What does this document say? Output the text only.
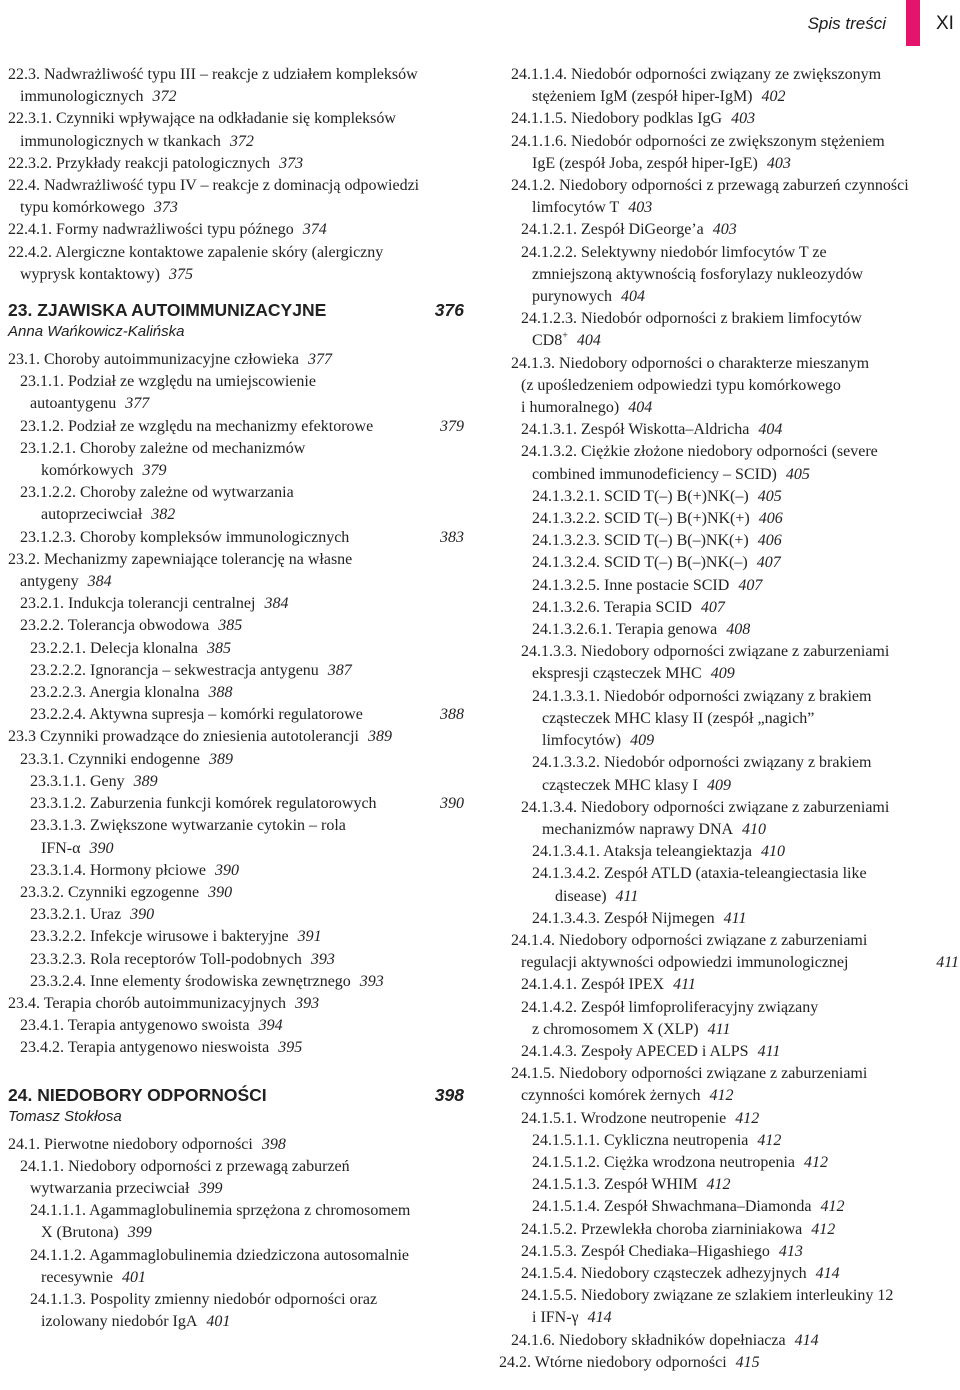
Spis treści	XI
22.3. Nadwrażliwość typu III – reakcje z udziałem kompleksów
immunologicznych 372
22.3.1. Czynniki wpływające na odkładanie się kompleksów
immunologicznych w tkankach 372
22.3.2. Przykłady reakcji patologicznych 373
22.4. Nadwrażliwość typu IV – reakcje z dominacją odpowiedzi
typu komórkowego 373
22.4.1. Formy nadwrażliwości typu późnego 374
22.4.2. Alergiczne kontaktowe zapalenie skóry (alergiczny
wyprysk kontaktowy) 375
23. ZJAWISKA AUTOIMMUNIZACYJNE	376
Anna Wańkowicz-Kalińska
23.1. Choroby autoimmunizacyjne człowieka 377
23.1.1. Podział ze względu na umiejscowienie
autoantygenu 377
23.1.2. Podział ze względu na mechanizmy efektorowe	379
23.1.2.1. Choroby zależne od mechanizmów
komórkowych 379
23.1.2.2. Choroby zależne od wytwarzania
autoprzeciwciał 382
23.1.2.3. Choroby kompleksów immunologicznych	383
23.2. Mechanizmy zapewniające tolerancję na własne
antygeny 384
23.2.1. Indukcja tolerancji centralnej 384
23.2.2. Tolerancja obwodowa 385
23.2.2.1. Delecja klonalna 385
23.2.2.2. Ignorancja – sekwestracja antygenu 387
23.2.2.3. Anergia klonalna 388
23.2.2.4. Aktywna supresja – komórki regulatorowe	388
23.3 Czynniki prowadzące do zniesienia autotolerancji 389
23.3.1. Czynniki endogenne 389
23.3.1.1. Geny 389
23.3.1.2. Zaburzenia funkcji komórek regulatorowych	390
23.3.1.3. Zwiększone wytwarzanie cytokin – rola
IFN-α 390
23.3.1.4. Hormony płciowe 390
23.3.2. Czynniki egzogenne 390
23.3.2.1. Uraz 390
23.3.2.2. Infekcje wirusowe i bakteryjne 391
23.3.2.3. Rola receptorów Toll-podobnych 393
23.3.2.4. Inne elementy środowiska zewnętrznego 393
23.4. Terapia chorób autoimmunizacyjnych 393
23.4.1. Terapia antygenowo swoista 394
23.4.2. Terapia antygenowo nieswoista 395
24. NIEDOBORY ODPORNOŚCI	398
Tomasz Stokłosa
24.1. Pierwotne niedobory odporności 398
24.1.1. Niedobory odporności z przewagą zaburzeń
wytwarzania przeciwciał 399
24.1.1.1. Agammaglobulinemia sprzężona z chromosomem
X (Brutona) 399
24.1.1.2. Agammaglobulinemia dziedziczona autosomalnie
recesywnie 401
24.1.1.3. Pospolity zmienny niedobór odporności oraz
izolowany niedobór IgA 401
24.1.1.4. Niedobór odporności związany ze zwiększonym
stężeniem IgM (zespół hiper-IgM) 402
24.1.1.5. Niedobory podklas IgG 403
24.1.1.6. Niedobór odporności ze zwiększonym stężeniem
IgE (zespół Joba, zespół hiper-IgE) 403
24.1.2. Niedobory odporności z przewagą zaburzeń czynności
limfocytów T 403
24.1.2.1. Zespół DiGeorge’a 403
24.1.2.2. Selektywny niedobór limfocytów T ze
zmniejszoną aktywnością fosforylazy nukleozydów
purynowych 404
24.1.2.3. Niedobór odporności z brakiem limfocytów
CD8+ 404
24.1.3. Niedobory odporności o charakterze mieszanym
(z upośledzeniem odpowiedzi typu komórkowego
i humoralnego) 404
24.1.3.1. Zespół Wiskotta–Aldricha 404
24.1.3.2. Ciężkie złożone niedobory odporności (severe
combined immunodeficiency – SCID) 405
24.1.3.2.1. SCID T(–) B(+)NK(–) 405
24.1.3.2.2. SCID T(–) B(+)NK(+) 406
24.1.3.2.3. SCID T(–) B(–)NK(+) 406
24.1.3.2.4. SCID T(–) B(–)NK(–) 407
24.1.3.2.5. Inne postacie SCID 407
24.1.3.2.6. Terapia SCID 407
24.1.3.2.6.1. Terapia genowa 408
24.1.3.3. Niedobory odporności związane z zaburzeniami
ekspresji cząsteczek MHC 409
24.1.3.3.1. Niedobór odporności związany z brakiem
cząsteczek MHC klasy II (zespół „nagich”
limfocytów) 409
24.1.3.3.2. Niedobór odporności związany z brakiem
cząsteczek MHC klasy I 409
24.1.3.4. Niedobory odporności związane z zaburzeniami
mechanizmów naprawy DNA 410
24.1.3.4.1. Ataksja teleangiektazja 410
24.1.3.4.2. Zespół ATLD (ataxia-teleangiectasia like
disease) 411
24.1.3.4.3. Zespół Nijmegen 411
24.1.4. Niedobory odporności związane z zaburzeniami
regulacji aktywności odpowiedzi immunologicznej	411
24.1.4.1. Zespół IPEX 411
24.1.4.2. Zespół limfoproliferacyjny związany
z chromosomem X (XLP) 411
24.1.4.3. Zespoły APECED i ALPS 411
24.1.5. Niedobory odporności związane z zaburzeniami
czynności komórek żernych 412
24.1.5.1. Wrodzone neutropenie 412
24.1.5.1.1. Cykliczna neutropenia 412
24.1.5.1.2. Ciężka wrodzona neutropenia 412
24.1.5.1.3. Zespół WHIM 412
24.1.5.1.4. Zespół Shwachmana–Diamonda 412
24.1.5.2. Przewlekła choroba ziarniniakowa 412
24.1.5.3. Zespół Chediaka–Higashiego 413
24.1.5.4. Niedobory cząsteczek adhezyjnych 414
24.1.5.5. Niedobory związane ze szlakiem interleukiny 12
i IFN-γ 414
24.1.6. Niedobory składników dopełniacza 414
24.2. Wtórne niedobory odporności 415
